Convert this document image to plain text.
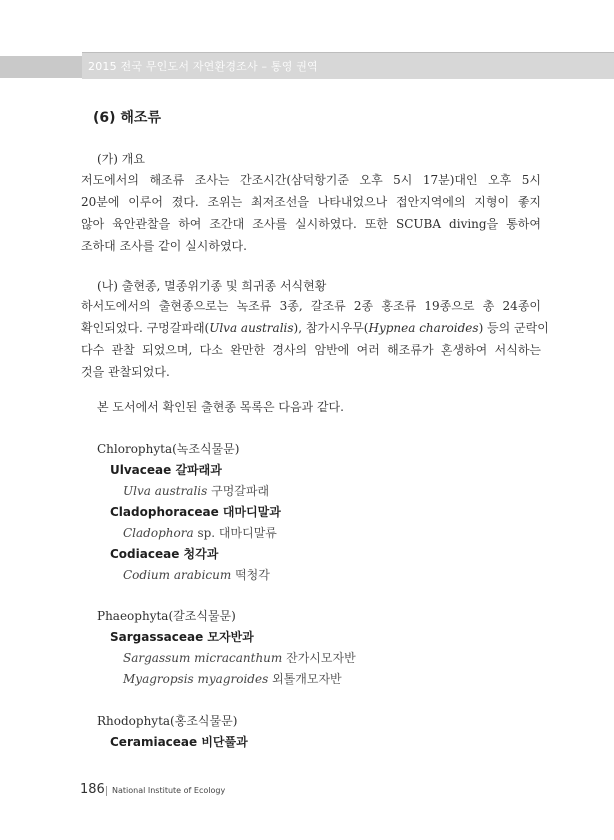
2015 전국 무인도서 자연환경조사 – 통영 권역
(6) 해조류
(가) 개요
저도에서의 해조류 조사는 간조시간(삼덕항기준 오후 5시 17분)대인 오후 5시
20분에 이루어 졌다. 조위는 최저조선을 나타내었으나 접안지역에의 지형이 좋지
않아 육안관찰을 하여 조간대 조사를 실시하였다. 또한 SCUBA diving을 통하여
조하대 조사를 같이 실시하였다.
(나) 출현종, 멸종위기종 및 희귀종 서식현황
하서도에서의 출현종으로는 녹조류 3종, 갈조류 2종 홍조류 19종으로 총 24종이
확인되었다. 구멍갈파래(Ulva australis), 참가시우무(Hypnea charoides) 등의 군락이
다수 관찰 되었으며, 다소 완만한 경사의 암반에 여러 해조류가 혼생하여 서식하는
것을 관찰되었다.
본 도서에서 확인된 출현종 목록은 다음과 같다.
Chlorophyta(녹조식물문)
Ulvaceae 갈파래과
Ulva australis 구멍갈파래
Cladophoraceae 대마디말과
Cladophora sp. 대마디말류
Codiaceae 청각과
Codium arabicum 떡청각
Phaeophyta(갈조식물문)
Sargassaceae 모자반과
Sargassum micracanthum 잔가시모자반
Myagropsis myagroides 외톨개모자반
Rhodophyta(홍조식물문)
Ceramiaceae 비단풀과
186 National Institute of Ecology
